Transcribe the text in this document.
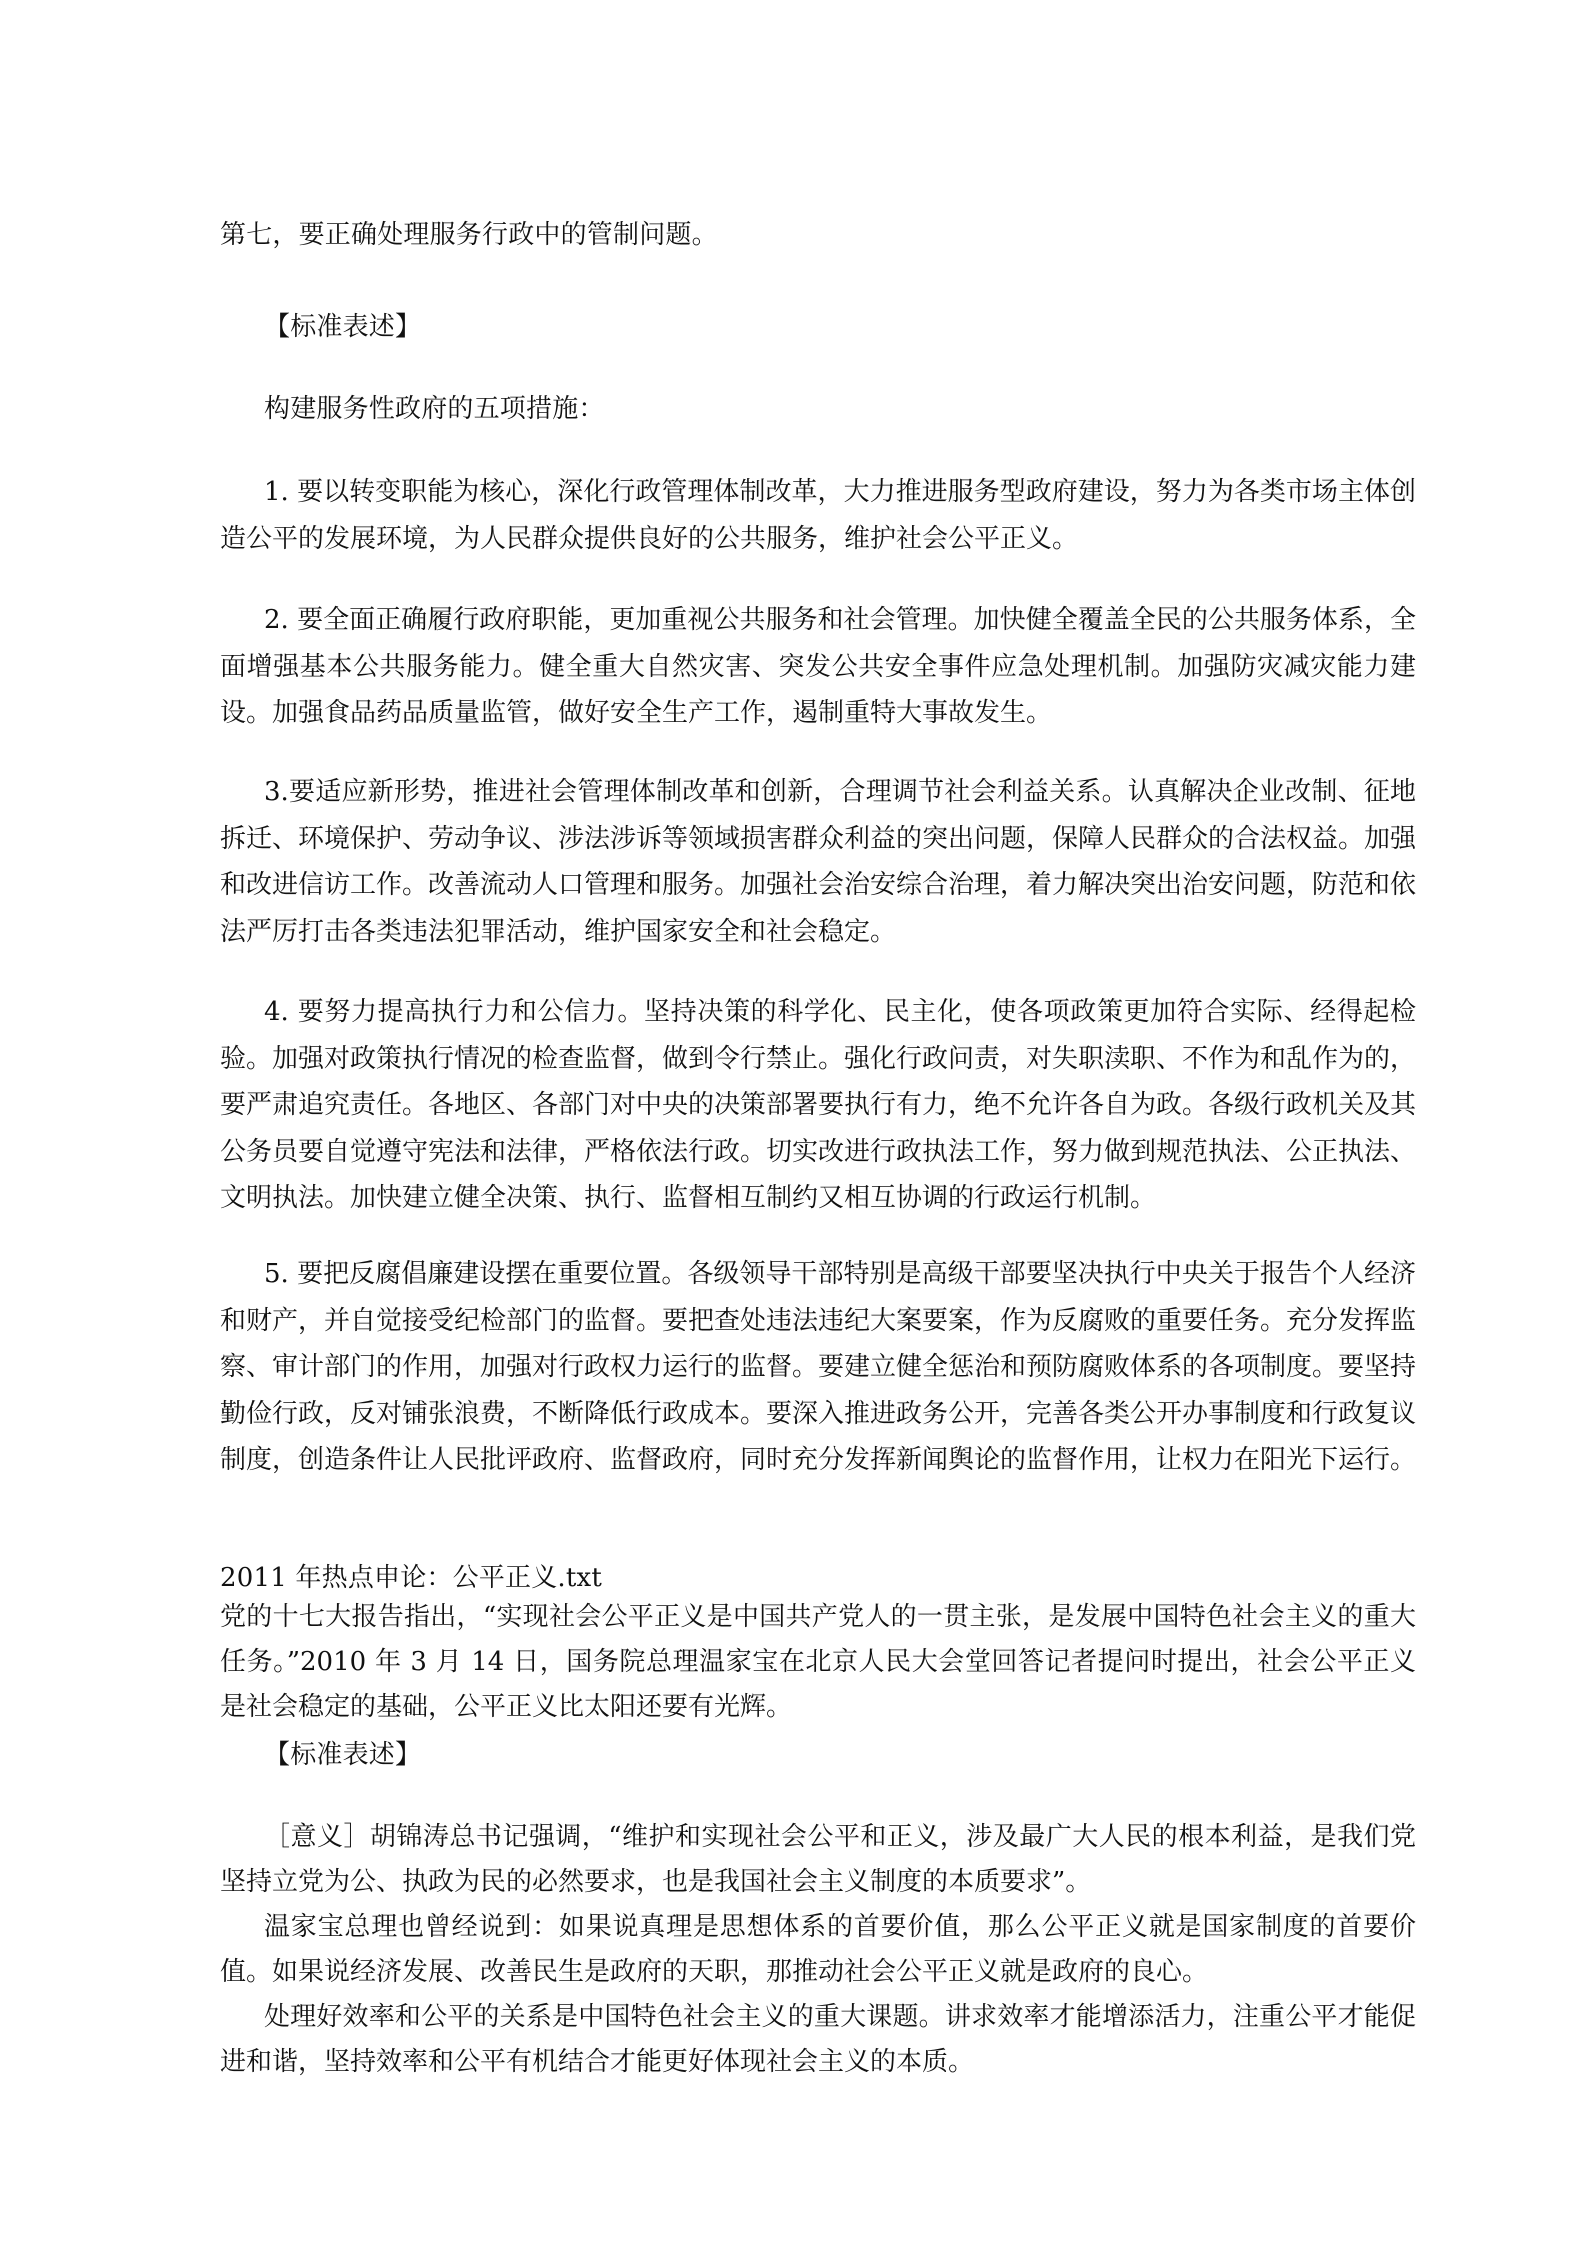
第七，要正确处理服务行政中的管制问题。

【标准表述】

构建服务性政府的五项措施：

1. 要以转变职能为核心，深化行政管理体制改革，大力推进服务型政府建设，努力为各类市场主体创造公平的发展环境，为人民群众提供良好的公共服务，维护社会公平正义。

2. 要全面正确履行政府职能，更加重视公共服务和社会管理。加快健全覆盖全民的公共服务体系，全面增强基本公共服务能力。健全重大自然灾害、突发公共安全事件应急处理机制。加强防灾减灾能力建设。加强食品药品质量监管，做好安全生产工作，遏制重特大事故发生。

3.要适应新形势，推进社会管理体制改革和创新，合理调节社会利益关系。认真解决企业改制、征地拆迁、环境保护、劳动争议、涉法涉诉等领域损害群众利益的突出问题，保障人民群众的合法权益。加强和改进信访工作。改善流动人口管理和服务。加强社会治安综合治理，着力解决突出治安问题，防范和依法严厉打击各类违法犯罪活动，维护国家安全和社会稳定。

4. 要努力提高执行力和公信力。坚持决策的科学化、民主化，使各项政策更加符合实际、经得起检验。加强对政策执行情况的检查监督，做到令行禁止。强化行政问责，对失职渎职、不作为和乱作为的，要严肃追究责任。各地区、各部门对中央的决策部署要执行有力，绝不允许各自为政。各级行政机关及其公务员要自觉遵守宪法和法律，严格依法行政。切实改进行政执法工作，努力做到规范执法、公正执法、文明执法。加快建立健全决策、执行、监督相互制约又相互协调的行政运行机制。

5. 要把反腐倡廉建设摆在重要位置。各级领导干部特别是高级干部要坚决执行中央关于报告个人经济和财产，并自觉接受纪检部门的监督。要把查处违法违纪大案要案，作为反腐败的重要任务。充分发挥监察、审计部门的作用，加强对行政权力运行的监督。要建立健全惩治和预防腐败体系的各项制度。要坚持勤俭行政，反对铺张浪费，不断降低行政成本。要深入推进政务公开，完善各类公开办事制度和行政复议制度，创造条件让人民批评政府、监督政府，同时充分发挥新闻舆论的监督作用，让权力在阳光下运行。

2011 年热点申论：公平正义.txt

党的十七大报告指出，“实现社会公平正义是中国共产党人的一贯主张，是发展中国特色社会主义的重大任务。”2010 年 3 月 14 日，国务院总理温家宝在北京人民大会堂回答记者提问时提出，社会公平正义是社会稳定的基础，公平正义比太阳还要有光辉。

【标准表述】

［意义］胡锦涛总书记强调，“维护和实现社会公平和正义，涉及最广大人民的根本利益，是我们党坚持立党为公、执政为民的必然要求，也是我国社会主义制度的本质要求”。

温家宝总理也曾经说到：如果说真理是思想体系的首要价值，那么公平正义就是国家制度的首要价值。如果说经济发展、改善民生是政府的天职，那推动社会公平正义就是政府的良心。

处理好效率和公平的关系是中国特色社会主义的重大课题。讲求效率才能增添活力，注重公平才能促进和谐，坚持效率和公平有机结合才能更好体现社会主义的本质。
